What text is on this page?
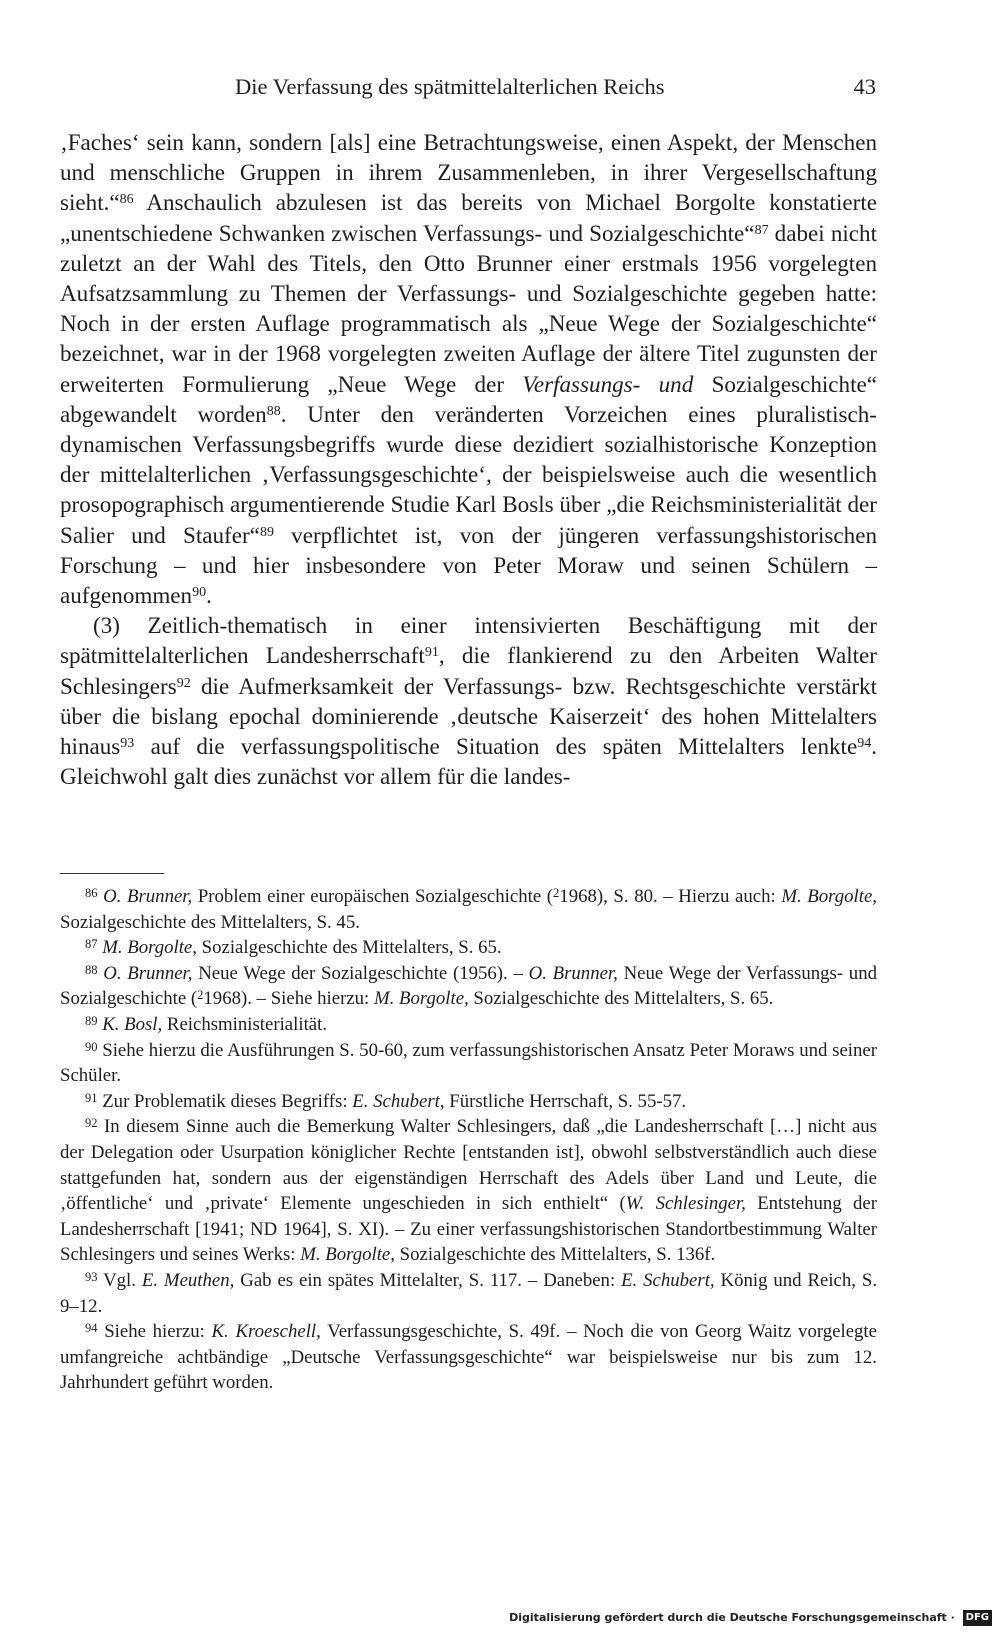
Die Verfassung des spätmittelalterlichen Reichs	43

‚Faches‘ sein kann, sondern [als] eine Betrachtungsweise, einen Aspekt, der Menschen und menschliche Gruppen in ihrem Zusammenleben, in ihrer Vergesellschaftung sieht.“$^{86}$ Anschaulich abzulesen ist das bereits von Michael Borgolte konstatierte „unentschiedene Schwanken zwischen Verfassungs- und Sozialgeschichte“$^{87}$ dabei nicht zuletzt an der Wahl des Titels, den Otto Brunner einer erstmals 1956 vorgelegten Aufsatzsammlung zu Themen der Verfassungs- und Sozialgeschichte gegeben hatte: Noch in der ersten Auflage programmatisch als „Neue Wege der Sozialgeschichte“ bezeichnet, war in der 1968 vorgelegten zweiten Auflage der ältere Titel zugunsten der erweiterten Formulierung „Neue Wege der Verfassungs- und Sozialgeschichte“ abgewandelt worden$^{88}$. Unter den veränderten Vorzeichen eines pluralistisch-dynamischen Verfassungsbegriffs wurde diese dezidiert sozialhistorische Konzeption der mittelalterlichen ‚Verfassungsgeschichte‘, der beispielsweise auch die wesentlich prosopographisch argumentierende Studie Karl Bosls über „die Reichsministerialität der Salier und Staufer“$^{89}$ verpflichtet ist, von der jüngeren verfassungshistorischen Forschung – und hier insbesondere von Peter Moraw und seinen Schülern – aufgenommen$^{90}$.

(3) Zeitlich-thematisch in einer intensivierten Beschäftigung mit der spätmittelalterlichen Landesherrschaft$^{91}$, die flankierend zu den Arbeiten Walter Schlesingers$^{92}$ die Aufmerksamkeit der Verfassungs- bzw. Rechtsgeschichte verstärkt über die bislang epochal dominierende ‚deutsche Kaiserzeit‘ des hohen Mittelalters hinaus$^{93}$ auf die verfassungspolitische Situation des späten Mittelalters lenkte$^{94}$. Gleichwohl galt dies zunächst vor allem für die landes-

$^{86}$ O. Brunner, Problem einer europäischen Sozialgeschichte ($^2$1968), S. 80. – Hierzu auch: M. Borgolte, Sozialgeschichte des Mittelalters, S. 45.

$^{87}$ M. Borgolte, Sozialgeschichte des Mittelalters, S. 65.

$^{88}$ O. Brunner, Neue Wege der Sozialgeschichte (1956). – O. Brunner, Neue Wege der Verfassungs- und Sozialgeschichte ($^2$1968). – Siehe hierzu: M. Borgolte, Sozialgeschichte des Mittelalters, S. 65.

$^{89}$ K. Bosl, Reichsministerialität.

$^{90}$ Siehe hierzu die Ausführungen S. 50-60, zum verfassungshistorischen Ansatz Peter Moraws und seiner Schüler.

$^{91}$ Zur Problematik dieses Begriffs: E. Schubert, Fürstliche Herrschaft, S. 55-57.

$^{92}$ In diesem Sinne auch die Bemerkung Walter Schlesingers, daß „die Landesherrschaft […] nicht aus der Delegation oder Usurpation königlicher Rechte [entstanden ist], obwohl selbstverständlich auch diese stattgefunden hat, sondern aus der eigenständigen Herrschaft des Adels über Land und Leute, die ‚öffentliche‘ und ‚private‘ Elemente ungeschieden in sich enthielt“ (W. Schlesinger, Entstehung der Landesherrschaft [1941; ND 1964], S. XI). – Zu einer verfassungshistorischen Standortbestimmung Walter Schlesingers und seines Werks: M. Borgolte, Sozialgeschichte des Mittelalters, S. 136f.

$^{93}$ Vgl. E. Meuthen, Gab es ein spätes Mittelalter, S. 117. – Daneben: E. Schubert, König und Reich, S. 9–12.

$^{94}$ Siehe hierzu: K. Kroeschell, Verfassungsgeschichte, S. 49f. – Noch die von Georg Waitz vorgelegte umfangreiche achtbändige „Deutsche Verfassungsgeschichte“ war beispielsweise nur bis zum 12. Jahrhundert geführt worden.

Digitalisierung gefördert durch die Deutsche Forschungsgemeinschaft · DFG
